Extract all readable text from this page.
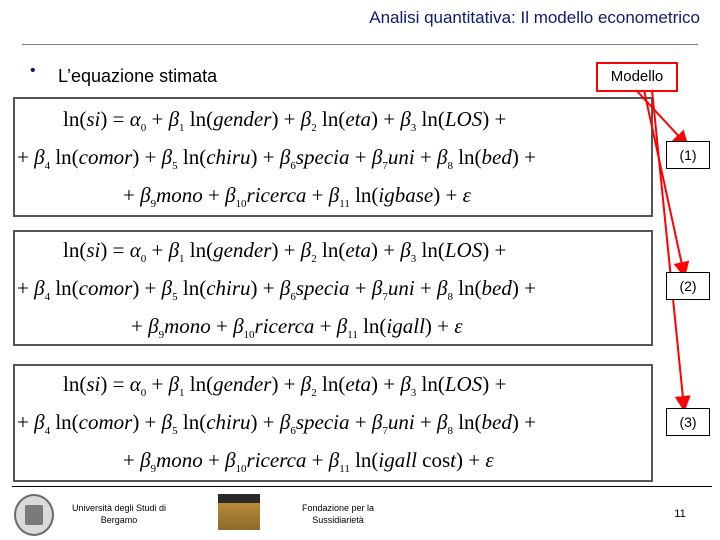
Analisi quantitativa: Il modello econometrico
• L’equazione stimata	Modello
$\ln(si) = \alpha_0 + \beta_1$ ln(gender) + $\beta_2$ $\ln(eta) + \beta_3$ ln(LOS) +
+ $\beta_4$ ln(comor) + $\beta_5$ ln(chiru) + $\beta_6specia + \beta_7uni + \beta_8$ ln(bed) +
+ $\beta_9mono$ + $\beta_{10}ricerca + \beta_{11}$ ln(igbase) + ε
$\ln(si) = \alpha_0 + \beta_1$ ln(gender) + $\beta_2$ $\ln(eta) + \beta_3$ ln(LOS) +
+ $\beta_4$ ln(comor) + $\beta_5$ ln(chiru) + $\beta_6specia + \beta_7uni + \beta_8$ ln(bed) +
+ $\beta_9mono$ + $\beta_{10}ricerca + \beta_{11}$ ln(igall) + ε
$\ln(si) = \alpha_0 + \beta_1$ ln(gender) + $\beta_2$ $\ln(eta) + \beta_3$ ln(LOS) +
+ $\beta_4$ ln(comor) + $\beta_5$ ln(chiru) + $\beta_6specia + \beta_7uni + \beta_8$ ln(bed) +
+ $\beta_9mono$ + $\beta_{10}ricerca + \beta_{11}$ ln(igall cost) + ε
(1)
(2)
(3)
Università degli Studi di Bergamo
Fondazione per la Sussidiarietà	11
